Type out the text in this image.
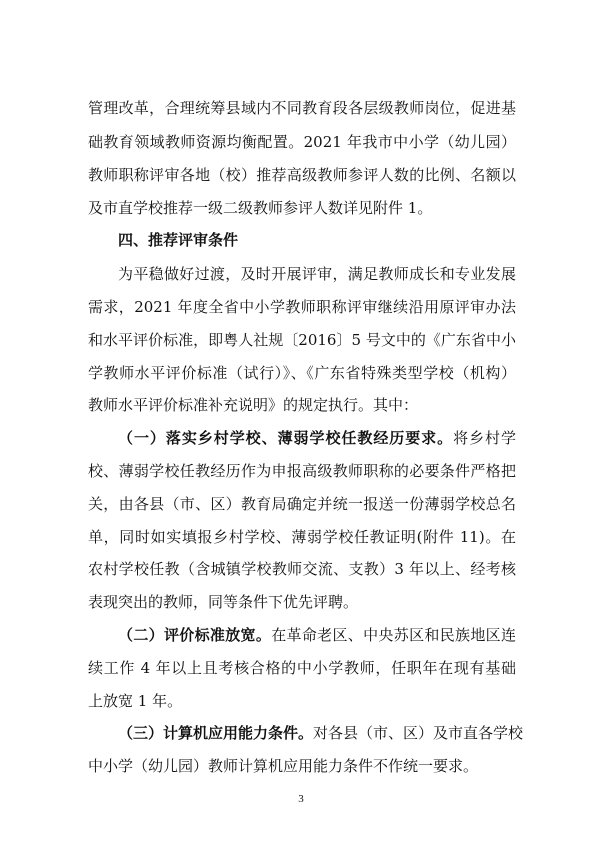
管理改革，合理统筹县域内不同教育段各层级教师岗位，促进基
础教育领域教师资源均衡配置。2021 年我市中小学（幼儿园）
教师职称评审各地（校）推荐高级教师参评人数的比例、名额以
及市直学校推荐一级二级教师参评人数详见附件 1。
四、推荐评审条件
为平稳做好过渡，及时开展评审，满足教师成长和专业发展
需求，2021 年度全省中小学教师职称评审继续沿用原评审办法
和水平评价标准，即粤人社规〔2016〕5 号文中的《广东省中小
学教师水平评价标准（试行）》、《广东省特殊类型学校（机构）
教师水平评价标准补充说明》的规定执行。其中：
（一）落实乡村学校、薄弱学校任教经历要求。将乡村学
校、薄弱学校任教经历作为申报高级教师职称的必要条件严格把
关，由各县（市、区）教育局确定并统一报送一份薄弱学校总名
单，同时如实填报乡村学校、薄弱学校任教证明(附件 11)。在
农村学校任教（含城镇学校教师交流、支教）3 年以上、经考核
表现突出的教师，同等条件下优先评聘。
（二）评价标准放宽。在革命老区、中央苏区和民族地区连
续工作 4 年以上且考核合格的中小学教师，任职年在现有基础
上放宽 1 年。
（三）计算机应用能力条件。对各县（市、区）及市直各学校
中小学（幼儿园）教师计算机应用能力条件不作统一要求。
3
